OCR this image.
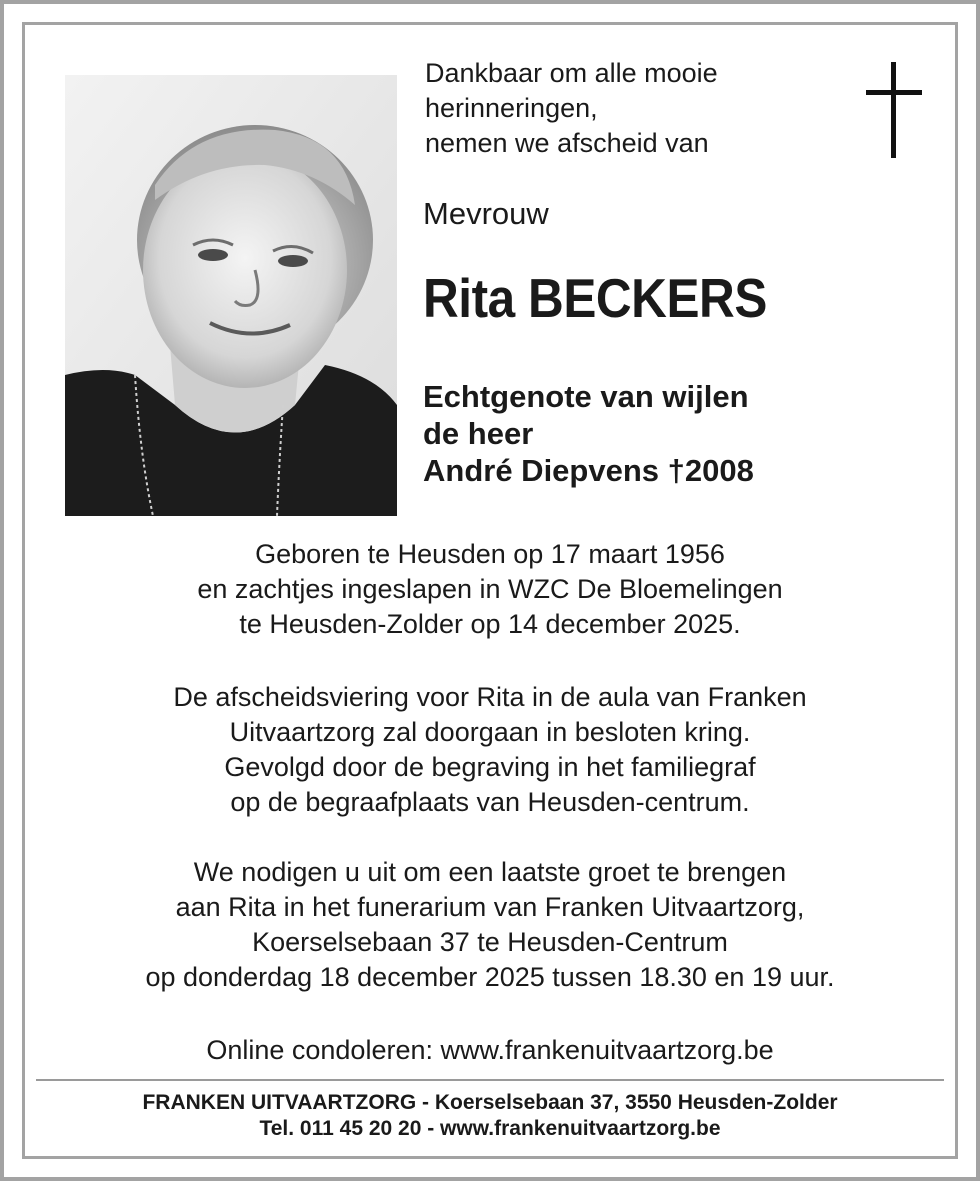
Dankbaar om alle mooie
herinneringen,
nemen we afscheid van
Mevrouw
Rita BECKERS
Echtgenote van wijlen
de heer
André Diepvens †2008
Geboren te Heusden op 17 maart 1956
en zachtjes ingeslapen in WZC De Bloemelingen
te Heusden-Zolder op 14 december 2025.
De afscheidsviering voor Rita in de aula van Franken
Uitvaartzorg zal doorgaan in besloten kring.
Gevolgd door de begraving in het familiegraf
op de begraafplaats van Heusden-centrum.
We nodigen u uit om een laatste groet te brengen
aan Rita in het funerarium van Franken Uitvaartzorg,
Koerselsebaan 37 te Heusden-Centrum
op donderdag 18 december 2025 tussen 18.30 en 19 uur.
Online condoleren: www.frankenuitvaartzorg.be
FRANKEN UITVAARTZORG - Koerselsebaan 37, 3550 Heusden-Zolder
Tel. 011 45 20 20 - www.frankenuitvaartzorg.be
